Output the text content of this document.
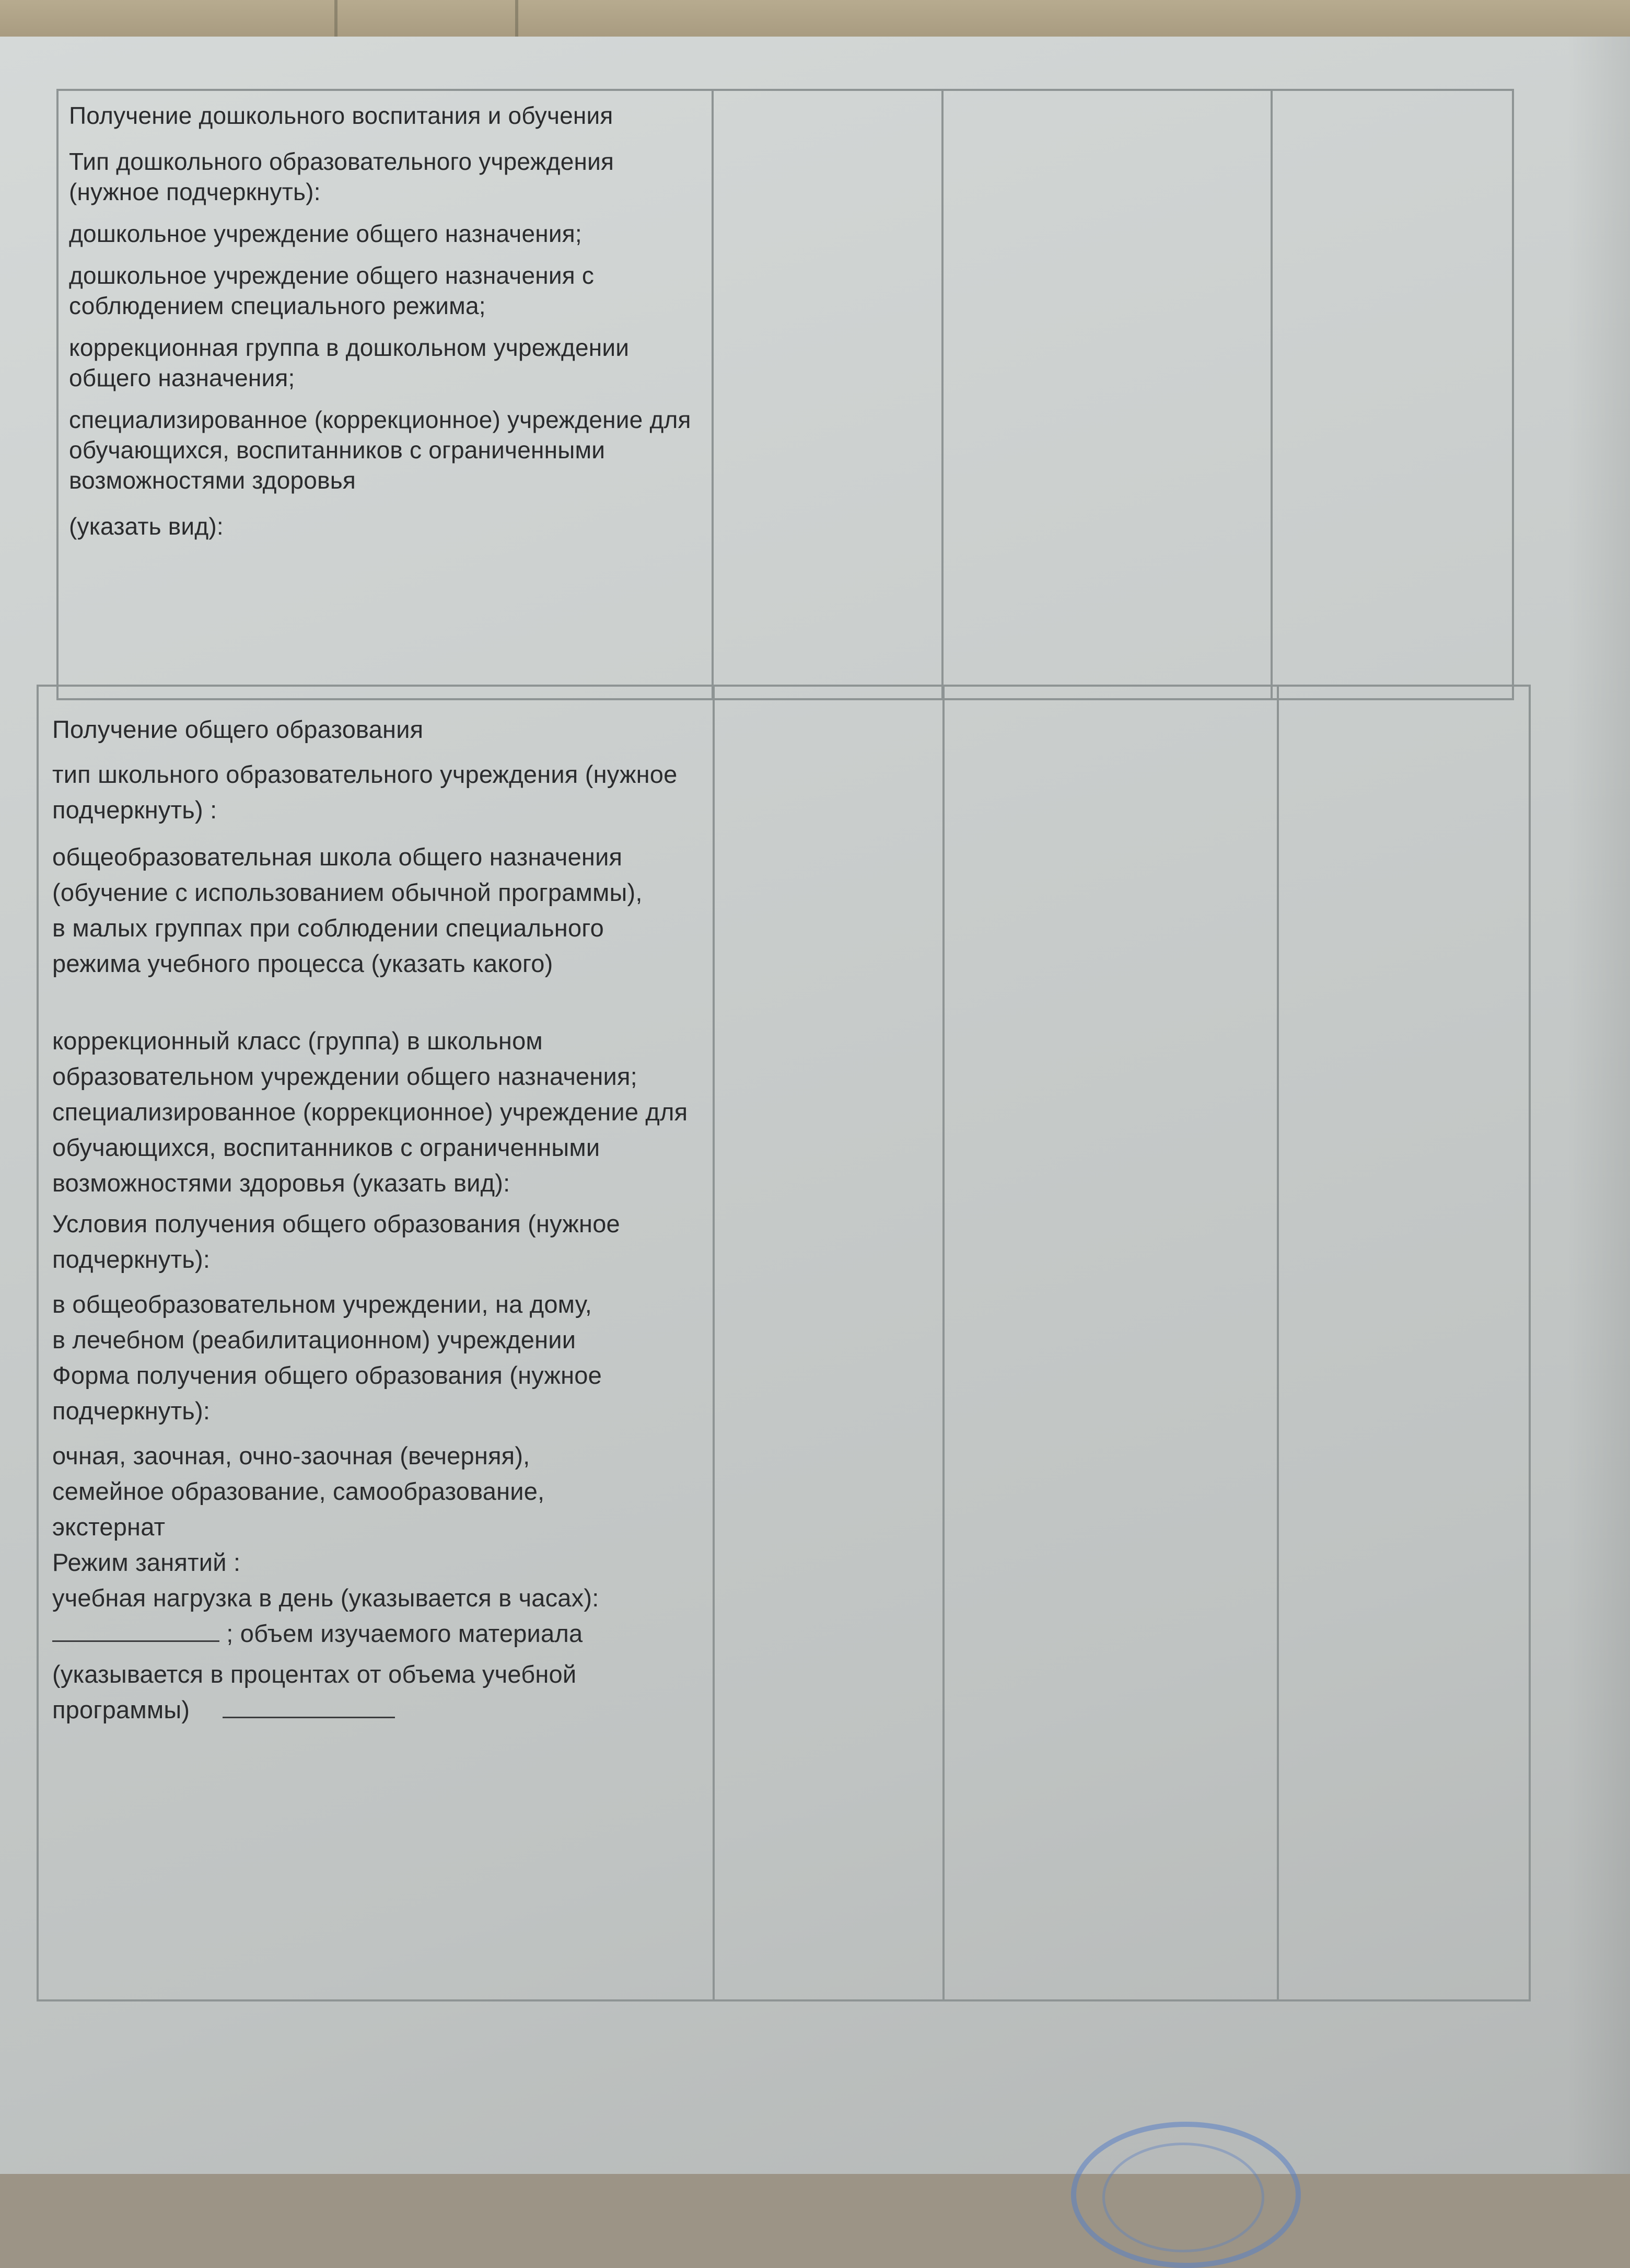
Получение дошкольного воспитания и обучения

Тип дошкольного образовательного учреждения (нужное подчеркнуть):

дошкольное учреждение общего назначения;

дошкольное учреждение общего назначения с соблюдением специального режима;

коррекционная группа в дошкольном учреждении общего назначения;

специализированное (коррекционное) учреждение для обучающихся, воспитанников с ограниченными возможностями здоровья

(указать вид):

Получение общего образования

тип школьного образовательного учреждения (нужное подчеркнуть) :

общеобразовательная школа общего назначения (обучение с использованием обычной программы), в малых группах при соблюдении специального режима учебного процесса (указать какого)

коррекционный класс (группа) в школьном образовательном учреждении общего назначения; специализированное (коррекционное) учреждение для обучающихся, воспитанников с ограниченными возможностями здоровья (указать вид):

Условия получения общего образования (нужное подчеркнуть):

в общеобразовательном учреждении, на дому,

в лечебном (реабилитационном) учреждении

Форма получения общего образования (нужное подчеркнуть):

очная, заочная, очно-заочная (вечерняя), семейное образование, самообразование, экстернат

Режим занятий :

учебная нагрузка в день (указывается в часах):

; объем изучаемого материала

(указывается в процентах от объема учебной программы)
